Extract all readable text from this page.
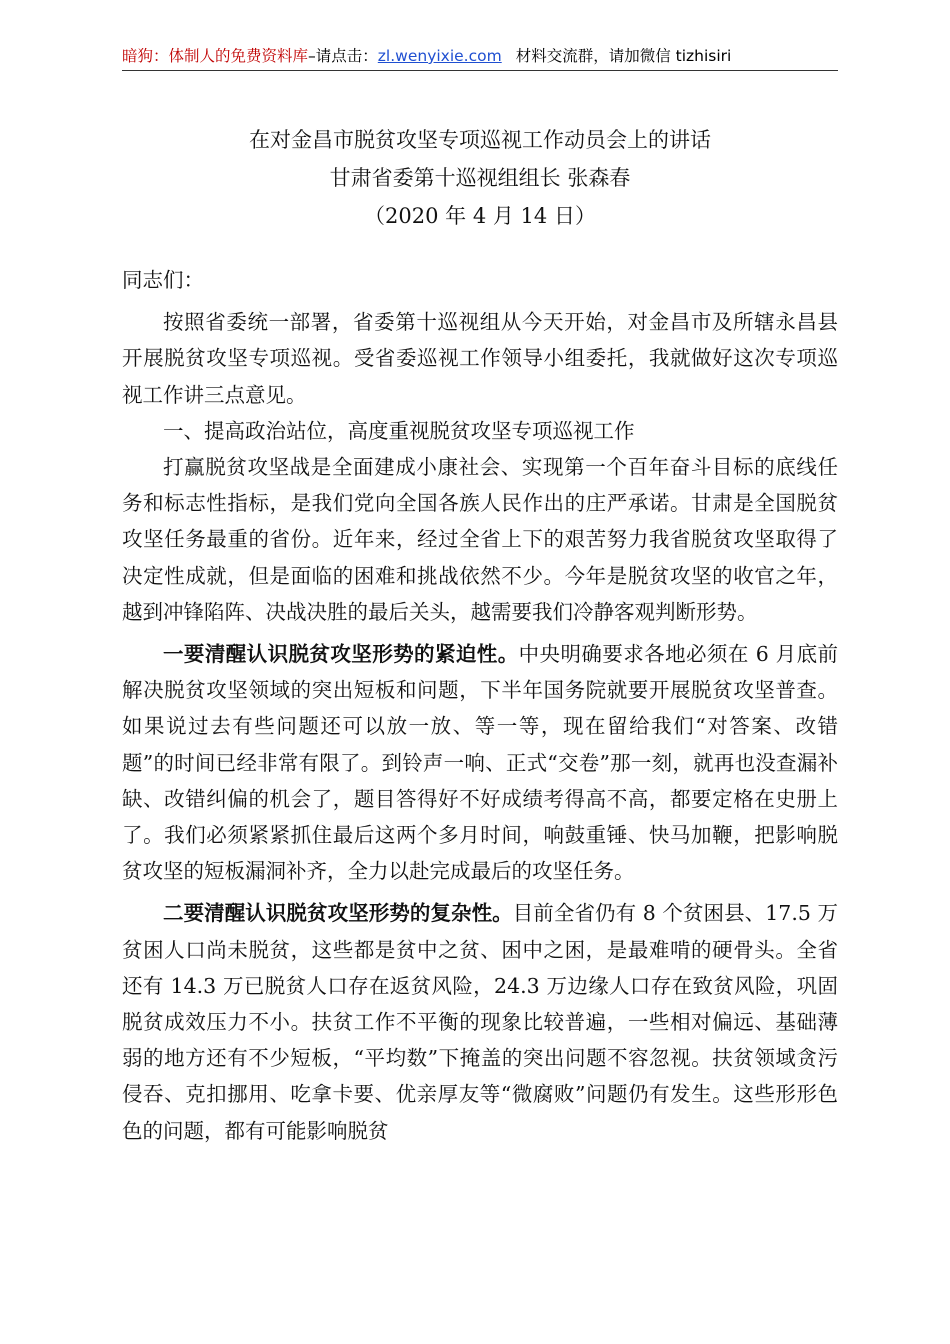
暗狗：体制人的免费资料库–请点击：zl.wenyixie.com 材料交流群，请加微信 tizhisiri
在对金昌市脱贫攻坚专项巡视工作动员会上的讲话
甘肃省委第十巡视组组长 张森春
（2020 年 4 月 14 日）

同志们：

按照省委统一部署，省委第十巡视组从今天开始，对金昌市及所辖永昌县开展脱贫攻坚专项巡视。受省委巡视工作领导小组委托，我就做好这次专项巡视工作讲三点意见。

一、提高政治站位，高度重视脱贫攻坚专项巡视工作

打赢脱贫攻坚战是全面建成小康社会、实现第一个百年奋斗目标的底线任务和标志性指标，是我们党向全国各族人民作出的庄严承诺。甘肃是全国脱贫攻坚任务最重的省份。近年来，经过全省上下的艰苦努力我省脱贫攻坚取得了决定性成就，但是面临的困难和挑战依然不少。今年是脱贫攻坚的收官之年，越到冲锋陷阵、决战决胜的最后关头，越需要我们冷静客观判断形势。

一要清醒认识脱贫攻坚形势的紧迫性。中央明确要求各地必须在 6 月底前解决脱贫攻坚领域的突出短板和问题，下半年国务院就要开展脱贫攻坚普查。如果说过去有些问题还可以放一放、等一等，现在留给我们“对答案、改错题”的时间已经非常有限了。到铃声一响、正式“交卷”那一刻，就再也没查漏补缺、改错纠偏的机会了，题目答得好不好成绩考得高不高，都要定格在史册上了。我们必须紧紧抓住最后这两个多月时间，响鼓重锤、快马加鞭，把影响脱贫攻坚的短板漏洞补齐，全力以赴完成最后的攻坚任务。

二要清醒认识脱贫攻坚形势的复杂性。目前全省仍有 8 个贫困县、17.5 万贫困人口尚未脱贫，这些都是贫中之贫、困中之困，是最难啃的硬骨头。全省还有 14.3 万已脱贫人口存在返贫风险，24.3 万边缘人口存在致贫风险，巩固脱贫成效压力不小。扶贫工作不平衡的现象比较普遍，一些相对偏远、基础薄弱的地方还有不少短板，“平均数”下掩盖的突出问题不容忽视。扶贫领域贪污侵吞、克扣挪用、吃拿卡要、优亲厚友等“微腐败”问题仍有发生。这些形形色色的问题，都有可能影响脱贫
